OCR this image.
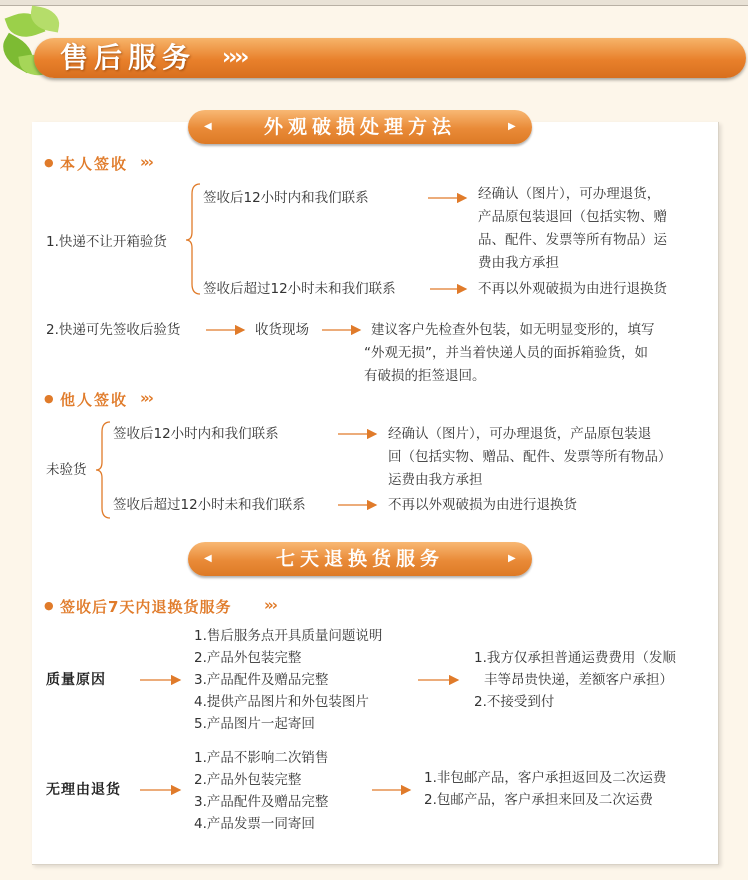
售后服务 ››››
◀	▶
外观破损处理方法
● 本人签收 »›
1.快递不让开箱验货
签收后12小时内和我们联系	经确认（图片），可办理退货，
产品原包装退回（包括实物、赠
品、配件、发票等所有物品）运
费由我方承担
签收后超过12小时未和我们联系	不再以外观破损为由进行退换货
2.快递可先签收后验货	收货现场	建议客户先检查外包装，如无明显变形的，填写
“外观无损”，并当着快递人员的面拆箱验货，如
有破损的拒签退回。
● 他人签收 »›
未验货
签收后12小时内和我们联系	经确认（图片），可办理退货，产品原包装退
回（包括实物、赠品、配件、发票等所有物品）
运费由我方承担
签收后超过12小时未和我们联系	不再以外观破损为由进行退换货
◀	▶
七天退换货服务
● 签收后7天内退换货服务 »›
质量原因
1.售后服务点开具质量问题说明
2.产品外包装完整
3.产品配件及赠品完整
4.提供产品图片和外包装图片
5.产品图片一起寄回
1.我方仅承担普通运费费用（发顺
丰等昂贵快递，差额客户承担）
2.不接受到付
无理由退货
1.产品不影响二次销售
2.产品外包装完整
3.产品配件及赠品完整
4.产品发票一同寄回
1.非包邮产品，客户承担返回及二次运费
2.包邮产品，客户承担来回及二次运费
